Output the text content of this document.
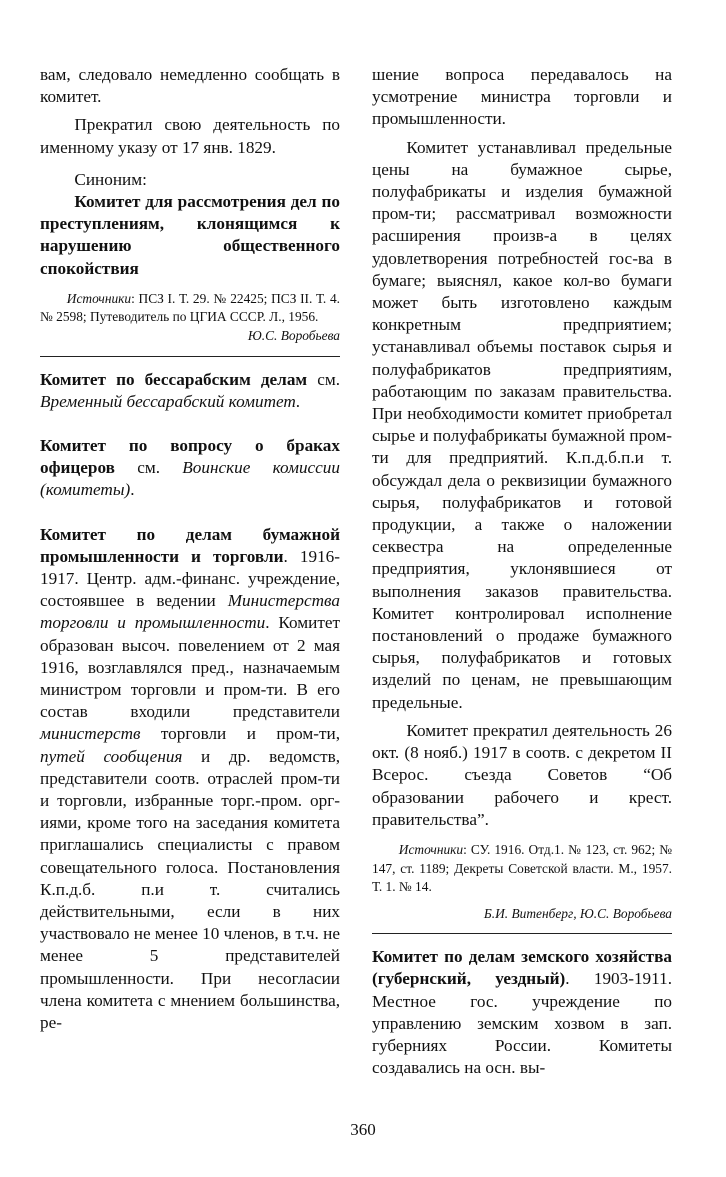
вам, следовало немедленно сообщать в комитет.

Прекратил свою деятельность по именному указу от 17 янв. 1829.

Синоним:

Комитет для рассмотрения дел по преступлениям, клонящимся к нарушению общественного спокойствия

Источники: ПСЗ I. Т. 29. № 22425; ПСЗ II. Т. 4. № 2598; Путеводитель по ЦГИА СССР. Л., 1956.

Ю.С. Воробьева

Комитет по бессарабским делам см. Временный бессарабский комитет.

Комитет по вопросу о браках офицеров см. Воинские комиссии (комитеты).

Комитет по делам бумажной промышленности и торговли. 1916-1917. Центр. адм.-финанс. учреждение, состоявшее в ведении Министерства торговли и промышленности. Комитет образован высоч. повелением от 2 мая 1916, возглавлялся пред., назначаемым министром торговли и пром-ти. В его состав входили представители министерств торговли и пром-ти, путей сообщения и др. ведомств, представители соотв. отраслей пром-ти и торговли, избранные торг.-пром. орг-иями, кроме того на заседания комитета приглашались специалисты с правом совещательного голоса. Постановления К.п.д.б. п.и т. считались действительными, если в них участвовало не менее 10 членов, в т.ч. не менее 5 представителей промышленности. При несогласии члена комитета с мнением большинства, ре-

шение вопроса передавалось на усмотрение министра торговли и промышленности.

Комитет устанавливал предельные цены на бумажное сырье, полуфабрикаты и изделия бумажной пром-ти; рассматривал возможности расширения произв-а в целях удовлетворения потребностей гос-ва в бумаге; выяснял, какое кол-во бумаги может быть изготовлено каждым конкретным предприятием; устанавливал объемы поставок сырья и полуфабрикатов предприятиям, работающим по заказам правительства. При необходимости комитет приобретал сырье и полуфабрикаты бумажной пром-ти для предприятий. К.п.д.б.п.и т. обсуждал дела о реквизиции бумажного сырья, полуфабрикатов и готовой продукции, а также о наложении секвестра на определенные предприятия, уклонявшиеся от выполнения заказов правительства. Комитет контролировал исполнение постановлений о продаже бумажного сырья, полуфабрикатов и готовых изделий по ценам, не превышающим предельные.

Комитет прекратил деятельность 26 окт. (8 нояб.) 1917 в соотв. с декретом II Всерос. съезда Советов “Об образовании рабочего и крест. правительства”.

Источники: СУ. 1916. Отд.1. № 123, ст. 962; № 147, ст. 1189; Декреты Советской власти. М., 1957. Т. 1. № 14.

Б.И. Витенберг, Ю.С. Воробьева

Комитет по делам земского хозяйства (губернский, уездный). 1903-1911. Местное гос. учреждение по управлению земским хозвом в зап. губерниях России. Комитеты создавались на осн. вы-

360
